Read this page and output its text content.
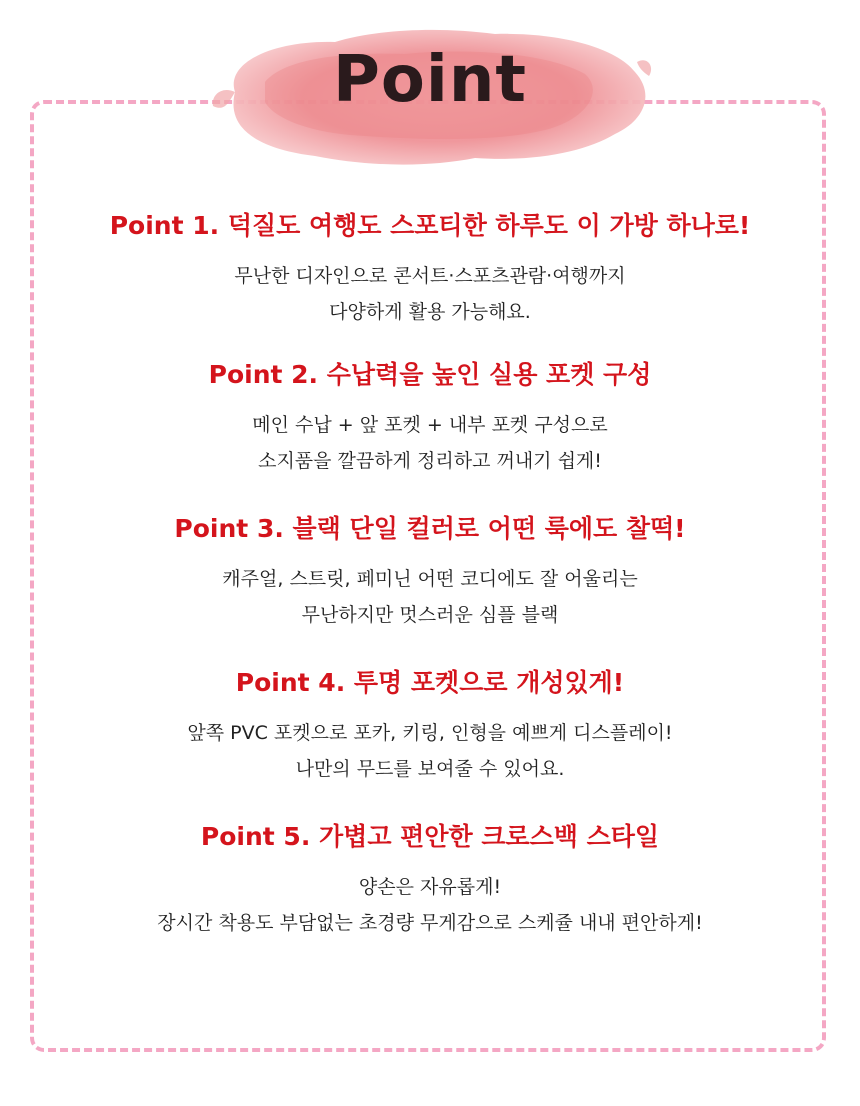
Point
Point 1. 덕질도 여행도 스포티한 하루도 이 가방 하나로!
무난한 디자인으로 콘서트·스포츠관람·여행까지
다양하게 활용 가능해요.
Point 2. 수납력을 높인 실용 포켓 구성
메인 수납 + 앞 포켓 + 내부 포켓 구성으로
소지품을 깔끔하게 정리하고 꺼내기 쉽게!
Point 3. 블랙 단일 컬러로 어떤 룩에도 찰떡!
캐주얼, 스트릿, 페미닌 어떤 코디에도 잘 어울리는
무난하지만 멋스러운 심플 블랙
Point 4. 투명 포켓으로 개성있게!
앞쪽 PVC 포켓으로 포카, 키링, 인형을 예쁘게 디스플레이!
나만의 무드를 보여줄 수 있어요.
Point 5. 가볍고 편안한 크로스백 스타일
양손은 자유롭게!
장시간 착용도 부담없는 초경량 무게감으로 스케쥴 내내 편안하게!
